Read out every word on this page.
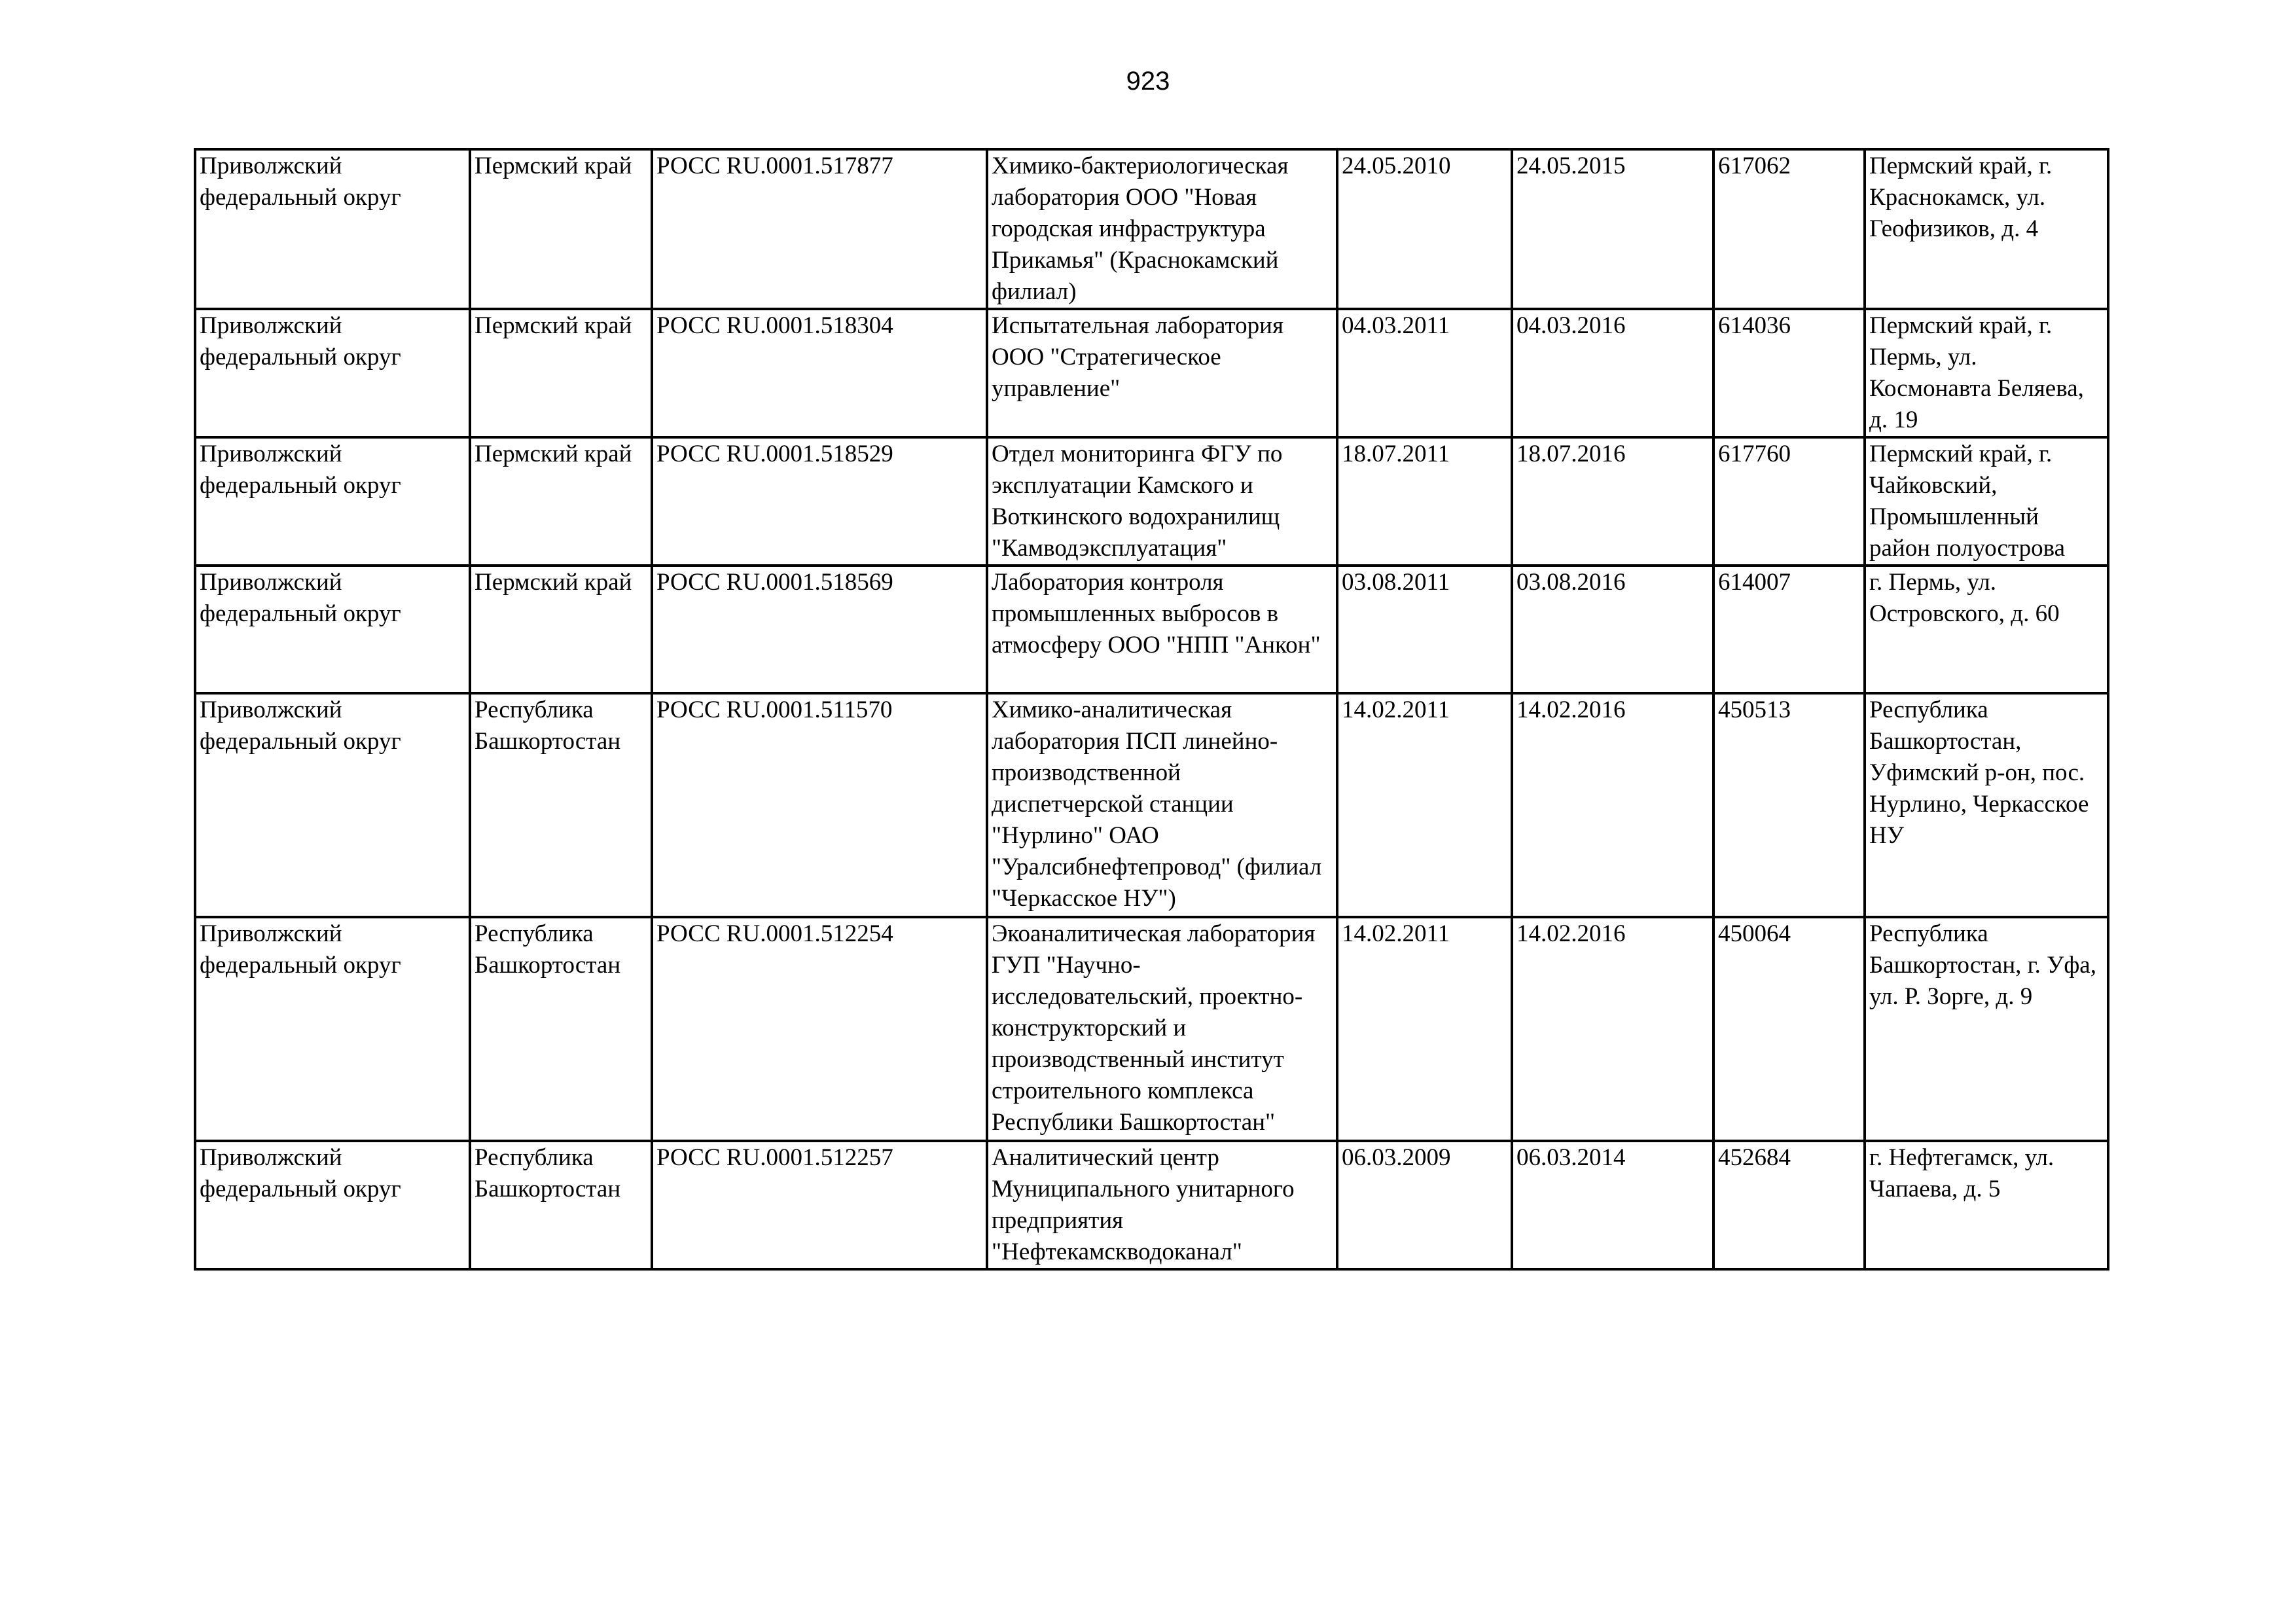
923
Приволжский федеральный округ	Пермский край	РОСС RU.0001.517877	Химико-бактериологическая лаборатория ООО "Новая городская инфраструктура Прикамья" (Краснокамский филиал)	24.05.2010	24.05.2015	617062	Пермский край, г. Краснокамск, ул. Геофизиков, д. 4

Приволжский федеральный округ	Пермский край	РОСС RU.0001.518304	Испытательная лаборатория ООО "Стратегическое управление"	04.03.2011	04.03.2016	614036	Пермский край, г. Пермь, ул. Космонавта Беляева, д. 19

Приволжский федеральный округ	Пермский край	РОСС RU.0001.518529	Отдел мониторинга ФГУ по эксплуатации Камского и Воткинского водохранилищ "Камводэксплуатация"	18.07.2011	18.07.2016	617760	Пермский край, г. Чайковский, Промышленный район полуострова

Приволжский федеральный округ	Пермский край	РОСС RU.0001.518569	Лаборатория контроля промышленных выбросов в атмосферу ООО "НПП "Анкон"	03.08.2011	03.08.2016	614007	г. Пермь, ул. Островского, д. 60

Приволжский федеральный округ	Республика Башкортостан	РОСС RU.0001.511570	Химико-аналитическая лаборатория ПСП линейно-производственной диспетчерской станции "Нурлино" ОАО "Уралсибнефтепровод" (филиал "Черкасское НУ")	14.02.2011	14.02.2016	450513	Республика Башкортостан, Уфимский р-он, пос. Нурлино, Черкасское НУ

Приволжский федеральный округ	Республика Башкортостан	РОСС RU.0001.512254	Экоаналитическая лаборатория ГУП "Научно-исследовательский, проектно-конструкторский и производственный институт строительного комплекса Республики Башкортостан"	14.02.2011	14.02.2016	450064	Республика Башкортостан, г. Уфа, ул. Р. Зорге, д. 9

Приволжский федеральный округ	Республика Башкортостан	РОСС RU.0001.512257	Аналитический центр Муниципального унитарного предприятия "Нефтекамскводоканал"	06.03.2009	06.03.2014	452684	г. Нефтегамск, ул. Чапаева, д. 5
